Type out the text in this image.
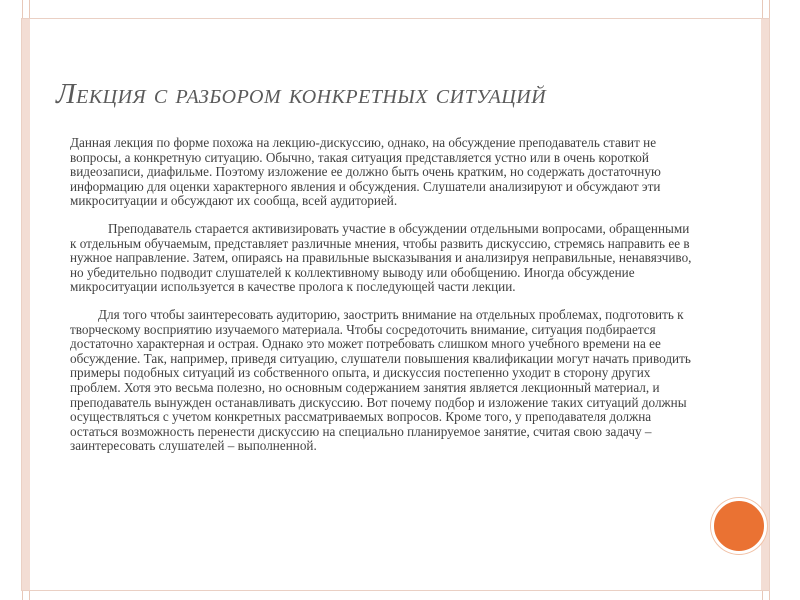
Лекция с разбором конкретных ситуаций

Данная лекция по форме похожа на лекцию-дискуссию, однако, на обсуждение преподаватель ставит не вопросы, а конкретную ситуацию. Обычно, такая ситуация представляется устно или в очень короткой видеозаписи, диафильме. Поэтому изложение ее должно быть очень кратким, но содержать достаточную информацию для оценки характерного явления и обсуждения. Слушатели анализируют и обсуждают эти микроситуации и обсуждают их сообща, всей аудиторией.

Преподаватель старается активизировать участие в обсуждении отдельными вопросами, обращенными к отдельным обучаемым, представляет различные мнения, чтобы развить дискуссию, стремясь направить ее в нужное направление. Затем, опираясь на правильные высказывания и анализируя неправильные, ненавязчиво, но убедительно подводит слушателей к коллективному выводу или обобщению. Иногда обсуждение микроситуации используется в качестве пролога к последующей части лекции.

Для того чтобы заинтересовать аудиторию, заострить внимание на отдельных проблемах, подготовить к творческому восприятию изучаемого материала. Чтобы сосредоточить внимание, ситуация подбирается достаточно характерная и острая. Однако это может потребовать слишком много учебного времени на ее обсуждение. Так, например, приведя ситуацию, слушатели повышения квалификации могут начать приводить примеры подобных ситуаций из собственного опыта, и дискуссия постепенно уходит в сторону других проблем. Хотя это весьма полезно, но основным содержанием занятия является лекционный материал, и преподаватель вынужден останавливать дискуссию. Вот почему подбор и изложение таких ситуаций должны осуществляться с учетом конкретных рассматриваемых вопросов. Кроме того, у преподавателя должна остаться возможность перенести дискуссию на специально планируемое занятие, считая свою задачу – заинтересовать слушателей – выполненной.
